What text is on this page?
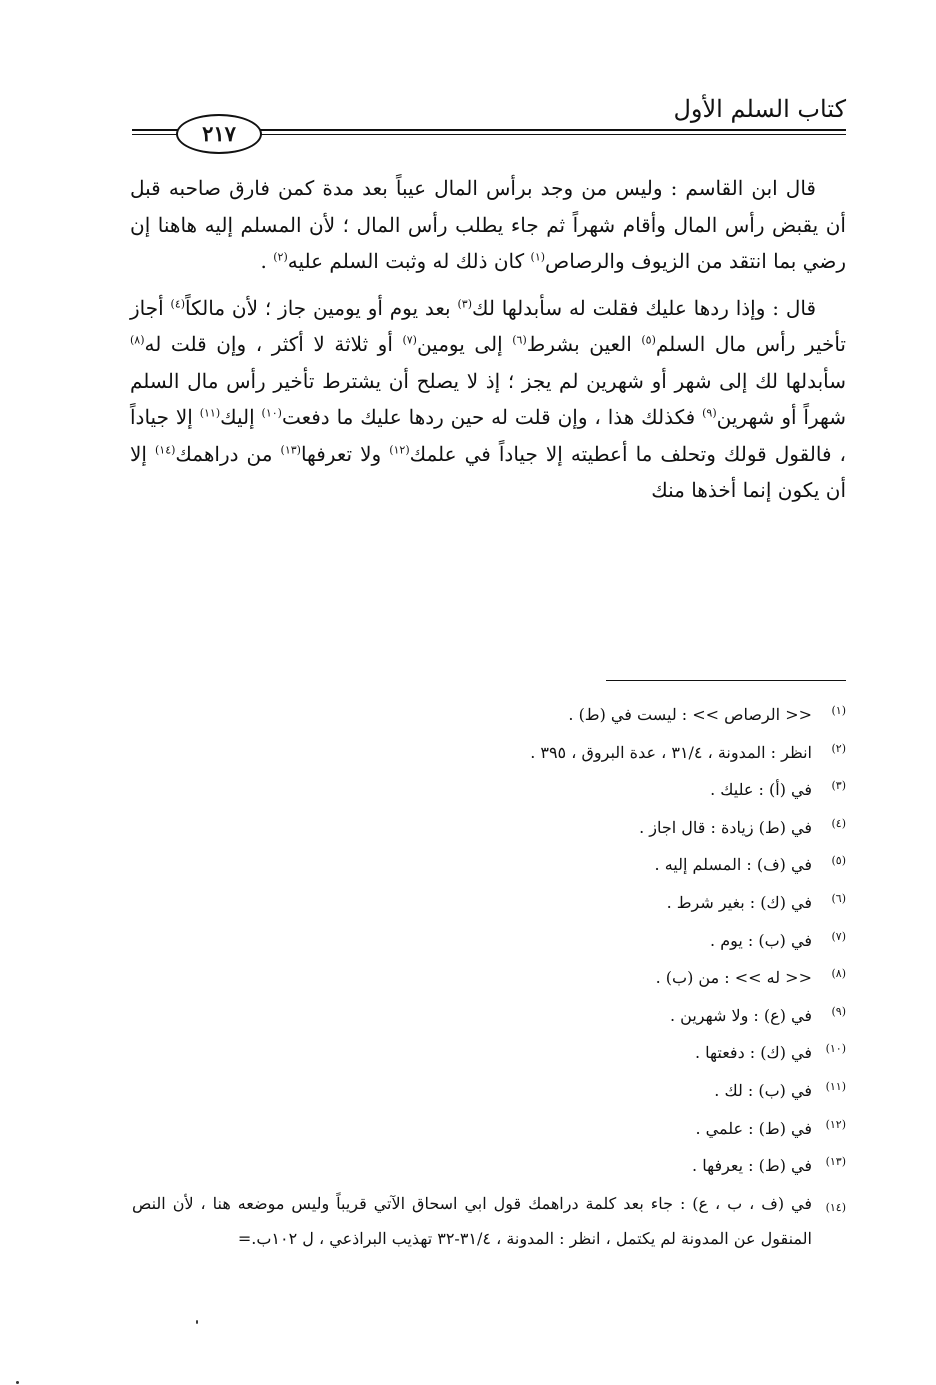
كتاب السلم الأول
٢١٧

قال ابن القاسم : وليس من وجد برأس المال عيباً بعد مدة كمن فارق صاحبه قبل أن يقبض رأس المال وأقام شهراً ثم جاء يطلب رأس المال ؛ لأن المسلم إليه هاهنا إن رضي بما انتقد من الزيوف والرصاص$^{(١)}$ كان ذلك له وثبت السلم عليه$^{(٢)}$ .

قال : وإذا ردها عليك فقلت له سأبدلها لك$^{(٣)}$ بعد يوم أو يومين جاز ؛ لأن مالكاً$^{(٤)}$ أجاز تأخير رأس مال السلم$^{(٥)}$ العين بشرط$^{(٦)}$ إلى يومين$^{(٧)}$ أو ثلاثة لا أكثر ، وإن قلت له$^{(٨)}$ سأبدلها لك إلى شهر أو شهرين لم يجز ؛ إذ لا يصلح أن يشترط تأخير رأس مال السلم شهراً أو شهرين$^{(٩)}$ فكذلك هذا ، وإن قلت له حين ردها عليك ما دفعت$^{(١٠)}$ إليك$^{(١١)}$ إلا جياداً ، فالقول قولك وتحلف ما أعطيته إلا جياداً في علمك$^{(١٢)}$ ولا تعرفها$^{(١٣)}$ من دراهمك$^{(١٤)}$ إلا أن يكون إنما أخذها منك

(١)
<< الرصاص >> : ليست في (ط) .
(٢)
انظر : المدونة ، ٣١/٤ ، عدة البروق ، ٣٩٥ .
(٣)
في (أ) : عليك .
(٤)
في (ط) زيادة : قال اجاز .
(٥)
في (ف) : المسلم إليه .
(٦)
في (ك) : بغير شرط .
(٧)
في (ب) : يوم .
(٨)
<< له >> : من (ب) .
(٩)
في (ع) : ولا شهرين .
(١٠)
في (ك) : دفعتها .
(١١)
في (ب) : لك .
(١٢)
في (ط) : علمي .
(١٣)
في (ط) : يعرفها .
(١٤)
في (ف ، ب ، ع) : جاء بعد كلمة دراهمك قول ابي اسحاق الآتي قريباً وليس موضعه هنا ، لأن النص المنقول عن المدونة لم يكتمل ، انظر : المدونة ، ٣١/٤-٣٢ تهذيب البراذعي ، ل ١٠٢ب.=
